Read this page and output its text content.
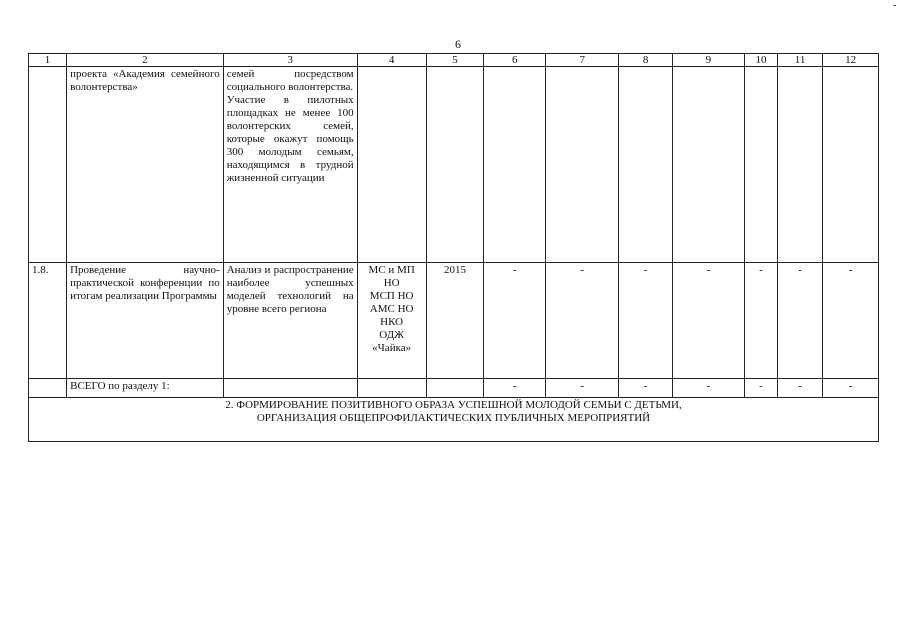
-
6
1	2	3	4	5	6	7	8	9	10	11	12
	проекта «Академия семейного волонтерства»	семей посредством социального волонтерства.
Участие в пилотных площадках не менее 100 волонтерских семей, которые окажут помощь 300 молодым семьям, находящимся в трудной жизненной ситуации									

1.8.	Проведение научно-практической конференции по итогам реализации Программы	Анализ и распространение наиболее успешных моделей технологий на уровне всего региона	МС и МП НО
МСП НО
АМС НО
НКО
ОДЖ «Чайка»	2015	-	-	-	-	-	-	-
	ВСЕГО по разделу 1:				-	-	-	-	-	-	-

2. ФОРМИРОВАНИЕ ПОЗИТИВНОГО ОБРАЗА УСПЕШНОЙ МОЛОДОЙ СЕМЬИ С ДЕТЬМИ,
ОРГАНИЗАЦИЯ ОБЩЕПРОФИЛАКТИЧЕСКИХ ПУБЛИЧНЫХ МЕРОПРИЯТИЙ											
